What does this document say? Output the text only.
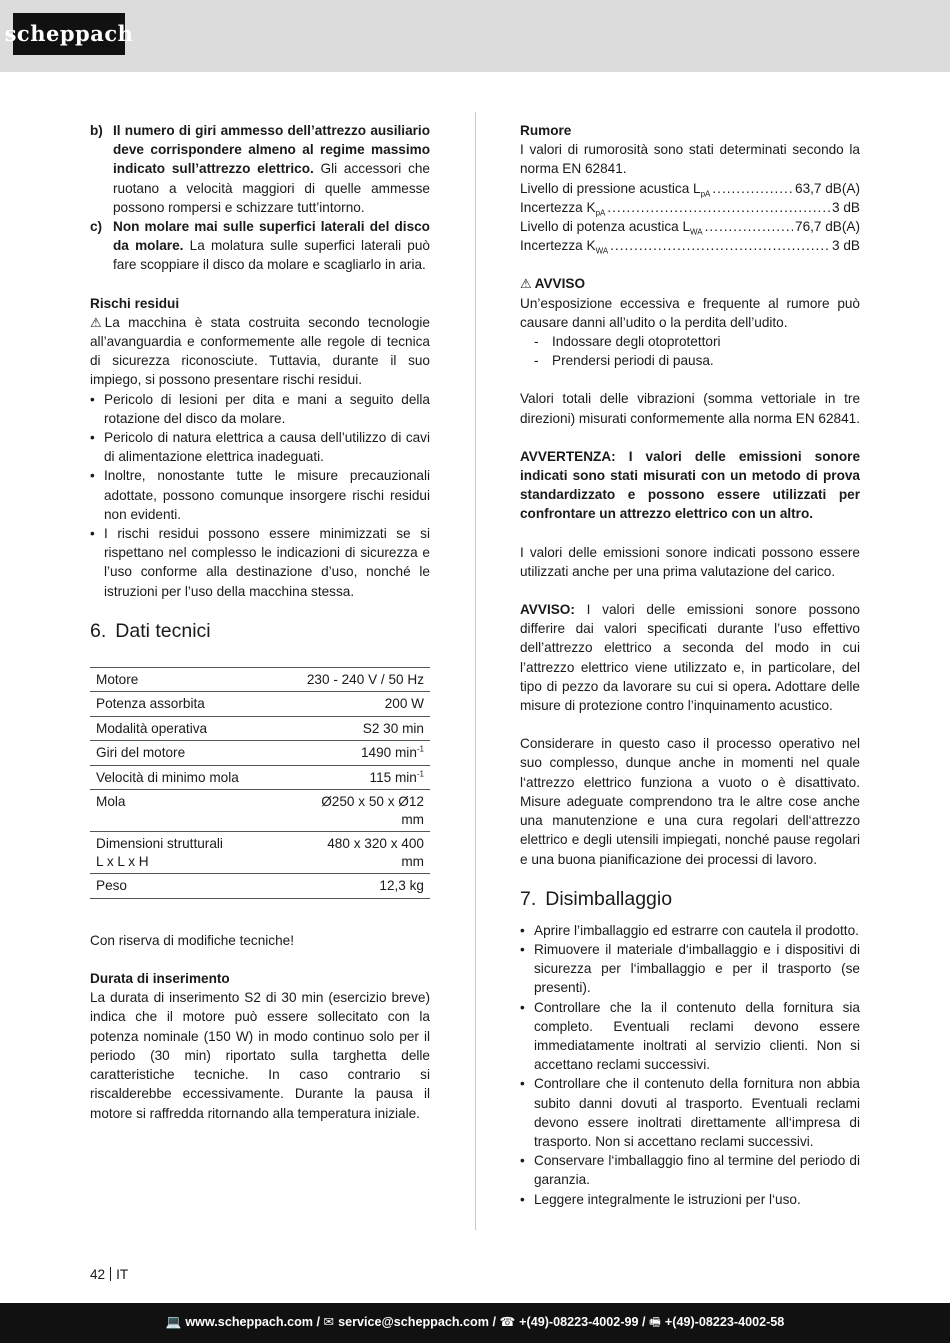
scheppach
b) Il numero di giri ammesso dell’attrezzo ausiliario deve corrispondere almeno al regime massimo indicato sull’attrezzo elettrico. Gli accessori che ruotano a velocità maggiori di quelle ammesse possono rompersi e schizzare tutt’intorno.
c) Non molare mai sulle superfici laterali del disco da molare. La molatura sulle superfici laterali può fare scoppiare il disco da molare e scagliarlo in aria.

Rischi residui

⚠ La macchina è stata costruita secondo tecnologie all’avanguardia e conformemente alle regole di tecnica di sicurezza riconosciute. Tuttavia, durante il suo impiego, si possono presentare rischi residui.

• Pericolo di lesioni per dita e mani a seguito della rotazione del disco da molare.
• Pericolo di natura elettrica a causa dell’utilizzo di cavi di alimentazione elettrica inadeguati.
• Inoltre, nonostante tutte le misure precauzionali adottate, possono comunque insorgere rischi residui non evidenti.
• I rischi residui possono essere minimizzati se si rispettano nel complesso le indicazioni di sicurezza e l’uso conforme alla destinazione d’uso, nonché le istruzioni per l’uso della macchina stessa.
6. Dati tecnici
Motore	230 - 240 V / 50 Hz
Potenza assorbita	200 W
Modalità operativa	S2 30 min
Giri del motore	1490 $\min^{-1}$
Velocità di minimo mola	115 $\min^{-1}$
Mola	Ø250 x 50 x Ø12
mm
Dimensioni strutturali
L x L x H	480 x 320 x 400
mm
Peso	12,3 kg

Con riserva di modifiche tecniche!

Durata di inserimento

La durata di inserimento S2 di 30 min (esercizio breve) indica che il motore può essere sollecitato con la potenza nominale (150 W) in modo continuo solo per il periodo (30 min) riportato sulla targhetta delle caratteristiche tecniche. In caso contrario si riscalderebbe eccessivamente. Durante la pausa il motore si raffredda ritornando alla temperatura iniziale.

Rumore

I valori di rumorosità sono stati determinati secondo la norma EN 62841.

Livello di pressione acustica $L_{pA}$ .....	63,7 dB(A)
Incertezza $K_{pA}$ .....	3 dB
Livello di potenza acustica $L_{WA}$ .....	76,7 dB(A)
Incertezza $K_{WA}$ .....	3 dB

⚠ AVVISO

Un’esposizione eccessiva e frequente al rumore può causare danni all’udito o la perdita dell’udito.

- Indossare degli otoprotettori
- Prendersi periodi di pausa.

Valori totali delle vibrazioni (somma vettoriale in tre direzioni) misurati conformemente alla norma EN 62841.

AVVERTENZA: I valori delle emissioni sonore indicati sono stati misurati con un metodo di prova standardizzato e possono essere utilizzati per confrontare un attrezzo elettrico con un altro.

I valori delle emissioni sonore indicati possono essere utilizzati anche per una prima valutazione del carico.

AVVISO: I valori delle emissioni sonore possono differire dai valori specificati durante l’uso effettivo dell’attrezzo elettrico a seconda del modo in cui l’attrezzo elettrico viene utilizzato e, in particolare, del tipo di pezzo da lavorare su cui si opera. Adottare delle misure di protezione contro l’inquinamento acustico.

Considerare in questo caso il processo operativo nel suo complesso, dunque anche in momenti nel quale l‘attrezzo elettrico funziona a vuoto o è disattivato. Misure adeguate comprendono tra le altre cose anche una manutenzione e una cura regolari dell‘attrezzo elettrico e degli utensili impiegati, nonché pause regolari e una buona pianificazione dei processi di lavoro.

7. Disimballaggio
• Aprire l’imballaggio ed estrarre con cautela il prodotto.
• Rimuovere il materiale d‘imballaggio e i dispositivi di sicurezza per l‘imballaggio e per il trasporto (se presenti).
• Controllare che la il contenuto della fornitura sia completo. Eventuali reclami devono essere immediatamente inoltrati al servizio clienti. Non si accettano reclami successivi.
• Controllare che il contenuto della fornitura non abbia subito danni dovuti al trasporto. Eventuali reclami devono essere inoltrati direttamente all‘impresa di trasporto. Non si accettano reclami successivi.
• Conservare l‘imballaggio fino al termine del periodo di garanzia.
• Leggere integralmente le istruzioni per l‘uso.
42 IT
💻 www.scheppach.com /
✉ service@scheppach.com /
☎ +(49)-08223-4002-99 /
🖷 +(49)-08223-4002-58
